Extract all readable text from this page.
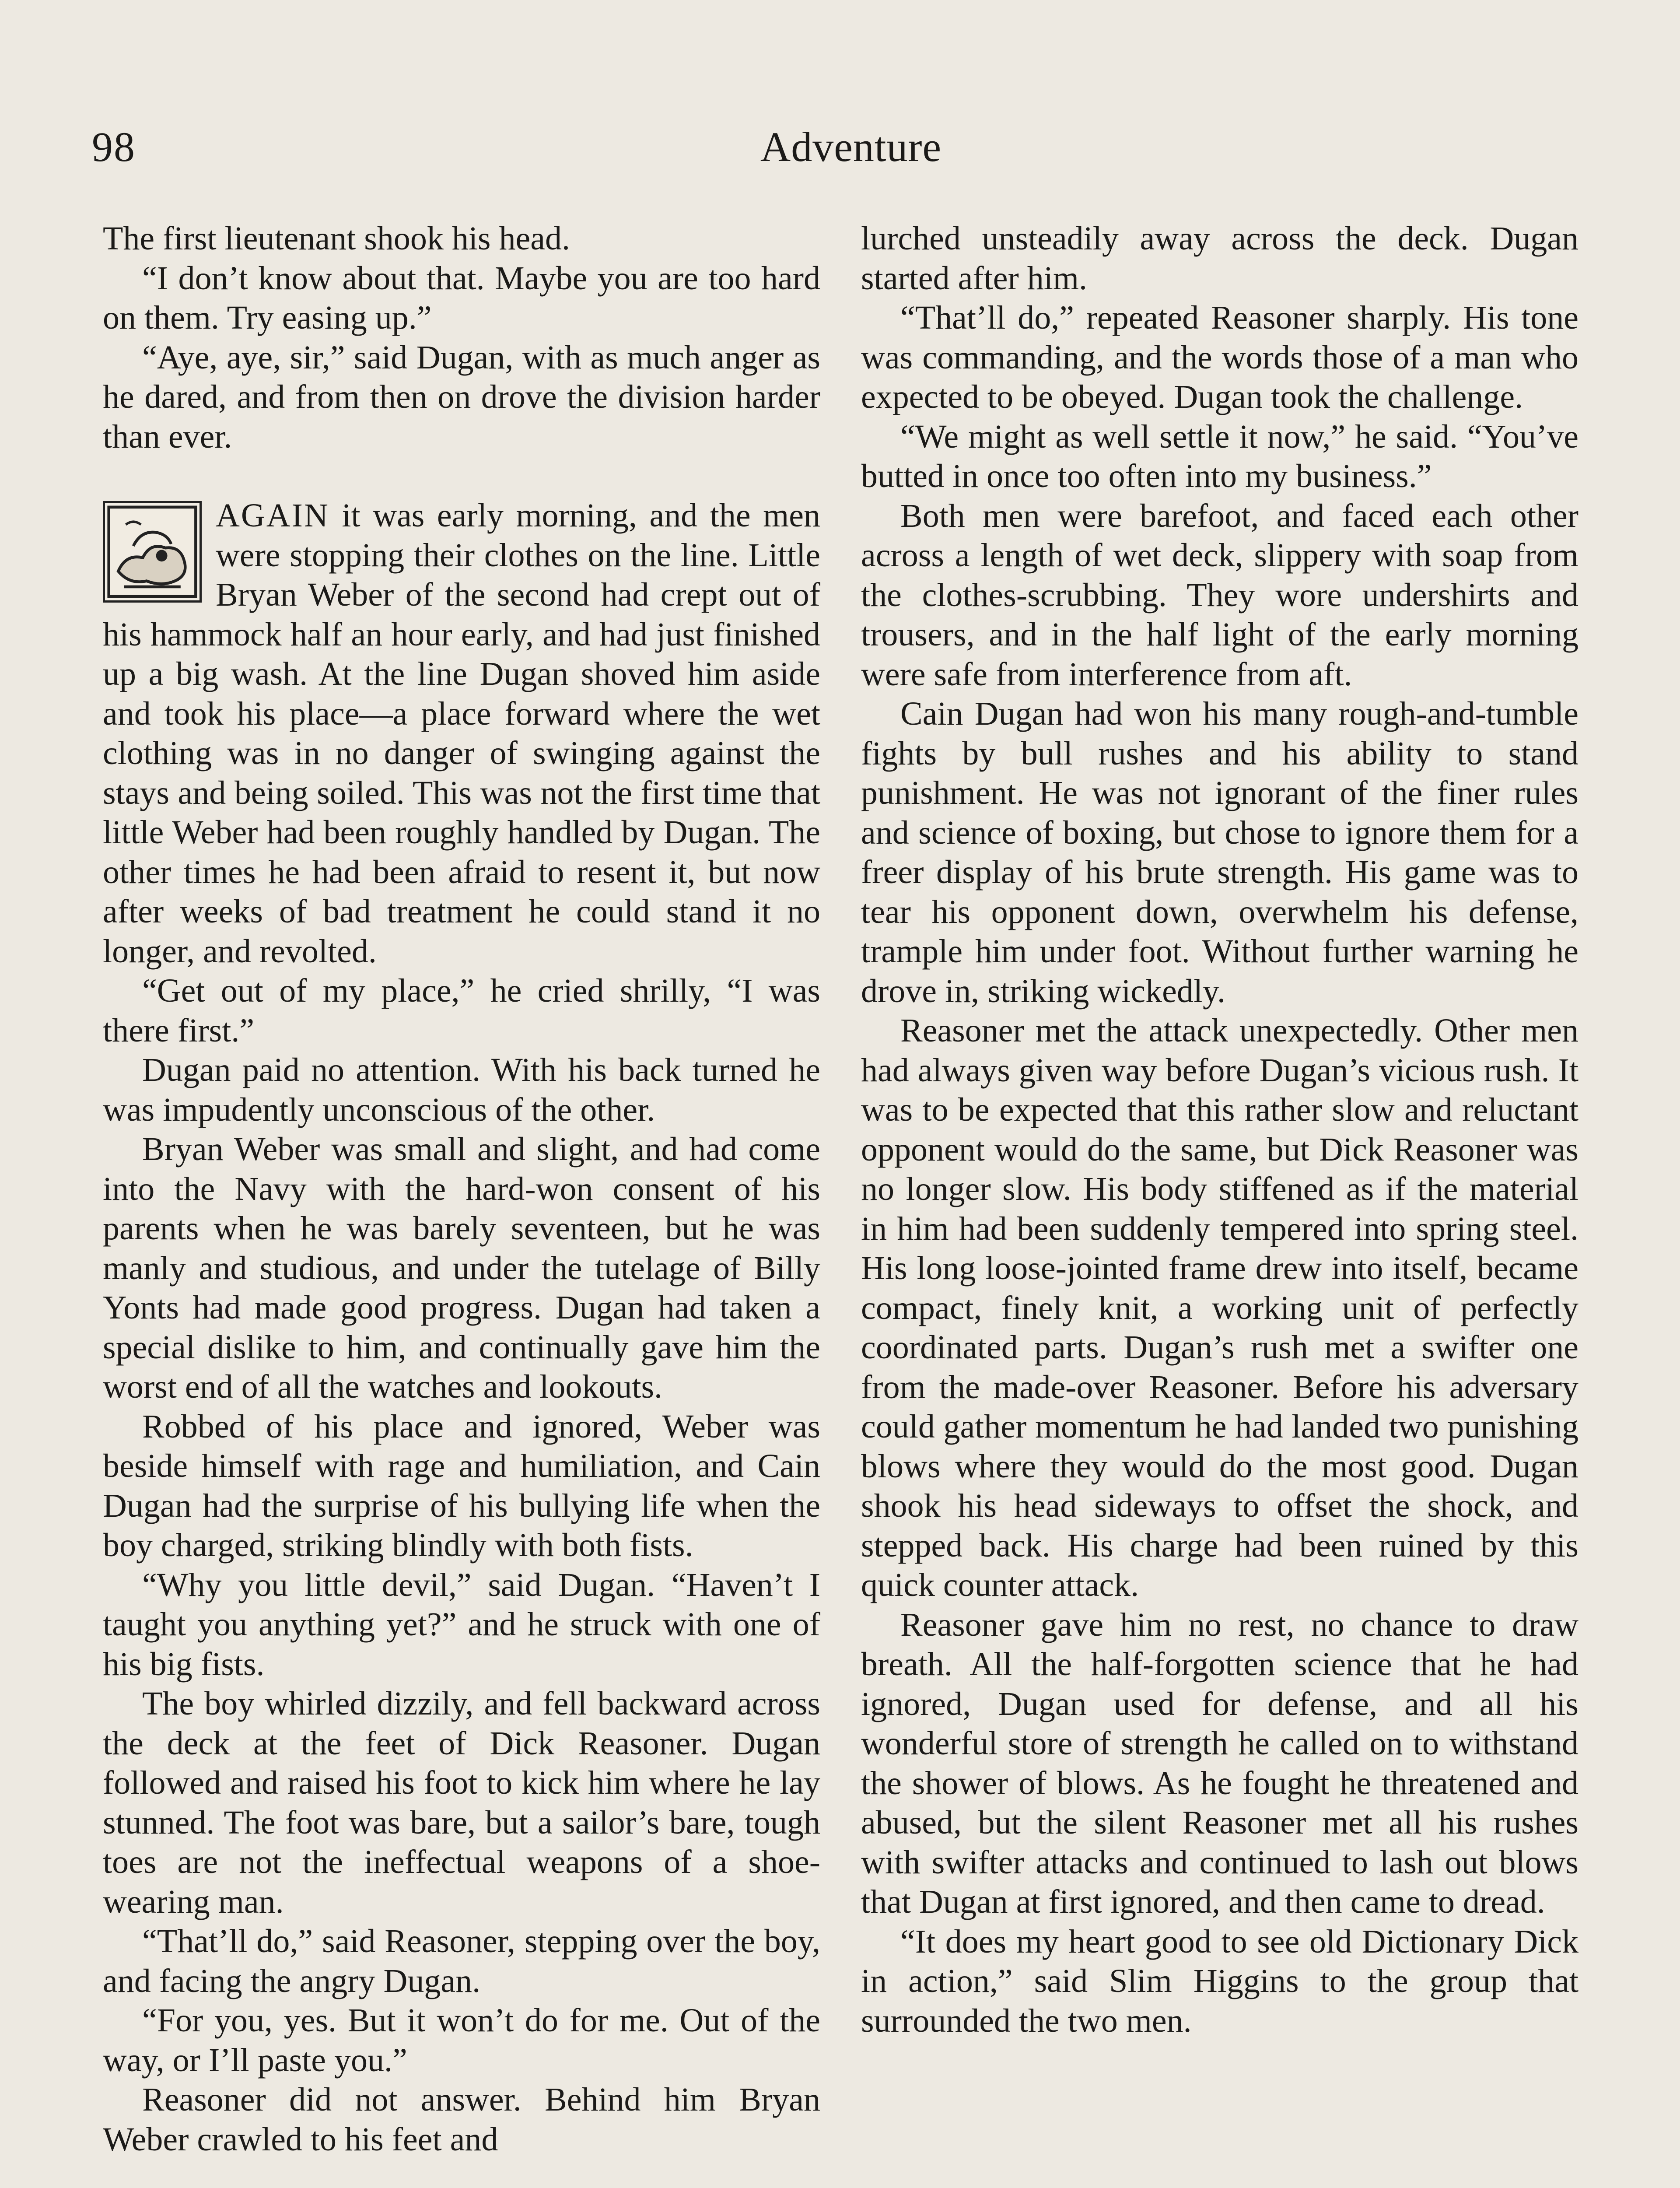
98	Adventure

The first lieutenant shook his head.

“I don’t know about that. Maybe you are too hard on them. Try easing up.”

“Aye, aye, sir,” said Dugan, with as much anger as he dared, and from then on drove the division harder than ever.

AGAIN it was early morning, and the men were stopping their clothes on the line. Little Bryan Weber of the second had crept out of his hammock half an hour early, and had just finished up a big wash. At the line Dugan shoved him aside and took his place—a place forward where the wet clothing was in no danger of swinging against the stays and being soiled. This was not the first time that little Weber had been roughly handled by Dugan. The other times he had been afraid to resent it, but now after weeks of bad treatment he could stand it no longer, and revolted.

“Get out of my place,” he cried shrilly, “I was there first.”

Dugan paid no attention. With his back turned he was impudently unconscious of the other.

Bryan Weber was small and slight, and had come into the Navy with the hard-won consent of his parents when he was barely seventeen, but he was manly and studious, and under the tutelage of Billy Yonts had made good progress. Dugan had taken a special dislike to him, and continually gave him the worst end of all the watches and lookouts.

Robbed of his place and ignored, Weber was beside himself with rage and humiliation, and Cain Dugan had the surprise of his bullying life when the boy charged, striking blindly with both fists.

“Why you little devil,” said Dugan. “Haven’t I taught you anything yet?” and he struck with one of his big fists.

The boy whirled dizzily, and fell backward across the deck at the feet of Dick Reasoner. Dugan followed and raised his foot to kick him where he lay stunned. The foot was bare, but a sailor’s bare, tough toes are not the ineffectual weapons of a shoe-wearing man.

“That’ll do,” said Reasoner, stepping over the boy, and facing the angry Dugan.

“For you, yes. But it won’t do for me. Out of the way, or I’ll paste you.”

Reasoner did not answer. Behind him Bryan Weber crawled to his feet and

lurched unsteadily away across the deck. Dugan started after him.

“That’ll do,” repeated Reasoner sharply. His tone was commanding, and the words those of a man who expected to be obeyed. Dugan took the challenge.

“We might as well settle it now,” he said. “You’ve butted in once too often into my business.”

Both men were barefoot, and faced each other across a length of wet deck, slippery with soap from the clothes-scrubbing. They wore undershirts and trousers, and in the half light of the early morning were safe from interference from aft.

Cain Dugan had won his many rough-and-tumble fights by bull rushes and his ability to stand punishment. He was not ignorant of the finer rules and science of boxing, but chose to ignore them for a freer display of his brute strength. His game was to tear his opponent down, overwhelm his defense, trample him under foot. Without further warning he drove in, striking wickedly.

Reasoner met the attack unexpectedly. Other men had always given way before Dugan’s vicious rush. It was to be expected that this rather slow and reluctant opponent would do the same, but Dick Reasoner was no longer slow. His body stiffened as if the material in him had been suddenly tempered into spring steel. His long loose-jointed frame drew into itself, became compact, finely knit, a working unit of perfectly coordinated parts. Dugan’s rush met a swifter one from the made-over Reasoner. Before his adversary could gather momentum he had landed two punishing blows where they would do the most good. Dugan shook his head sideways to offset the shock, and stepped back. His charge had been ruined by this quick counter attack.

Reasoner gave him no rest, no chance to draw breath. All the half-forgotten science that he had ignored, Dugan used for defense, and all his wonderful store of strength he called on to withstand the shower of blows. As he fought he threatened and abused, but the silent Reasoner met all his rushes with swifter attacks and continued to lash out blows that Dugan at first ignored, and then came to dread.

“It does my heart good to see old Dictionary Dick in action,” said Slim Higgins to the group that surrounded the two men.
